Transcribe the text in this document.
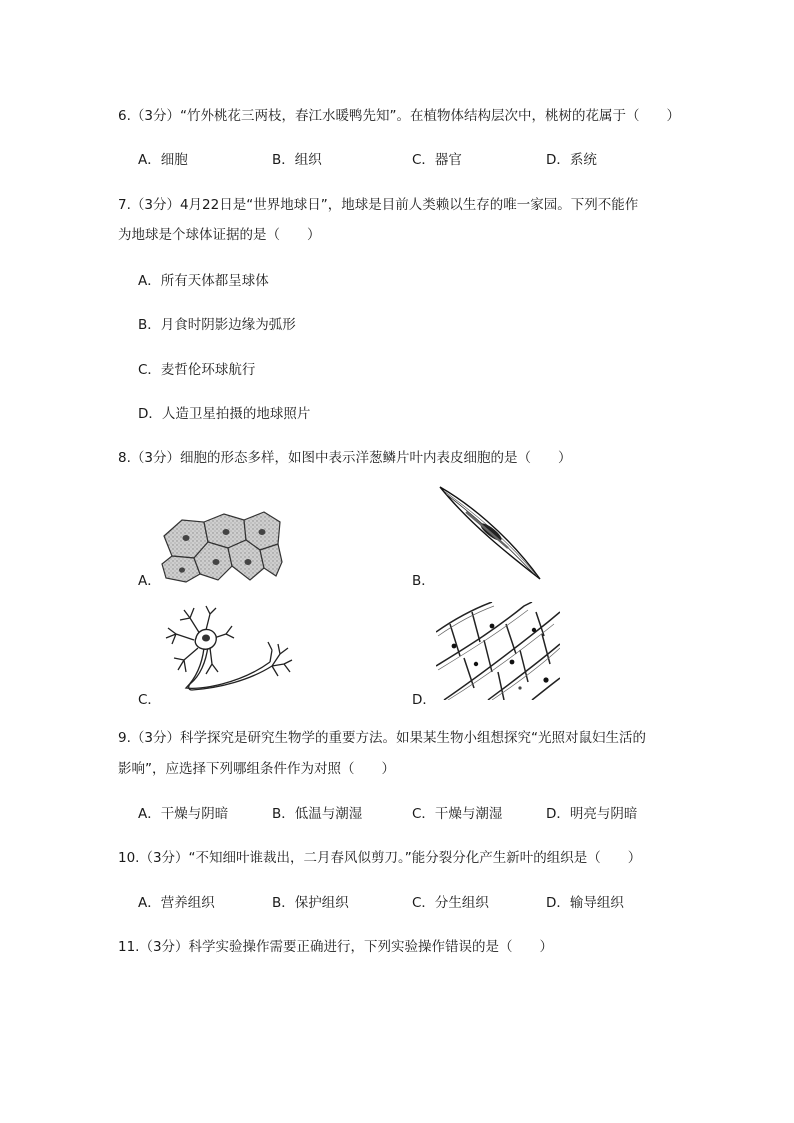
6.（3分）“竹外桃花三两枝，春江水暖鸭先知”。在植物体结构层次中，桃树的花属于（　　）
A．细胞	B．组织	C．器官	D．系统
7.（3分）4月22日是“世界地球日”，地球是目前人类赖以生存的唯一家园。下列不能作
为地球是个球体证据的是（　　）
A．所有天体都呈球体
B．月食时阴影边缘为弧形
C．麦哲伦环球航行
D．人造卫星拍摄的地球照片
8.（3分）细胞的形态多样，如图中表示洋葱鳞片叶内表皮细胞的是（　　）
A．	B．
C．	D．
9.（3分）科学探究是研究生物学的重要方法。如果某生物小组想探究“光照对鼠妇生活的
影响”，应选择下列哪组条件作为对照（　　）
A．干燥与阴暗	B．低温与潮湿	C．干燥与潮湿	D．明亮与阴暗
10.（3分）“不知细叶谁裁出，二月春风似剪刀。”能分裂分化产生新叶的组织是（　　）
A．营养组织	B．保护组织	C．分生组织	D．输导组织
11.（3分）科学实验操作需要正确进行，下列实验操作错误的是（　　）
